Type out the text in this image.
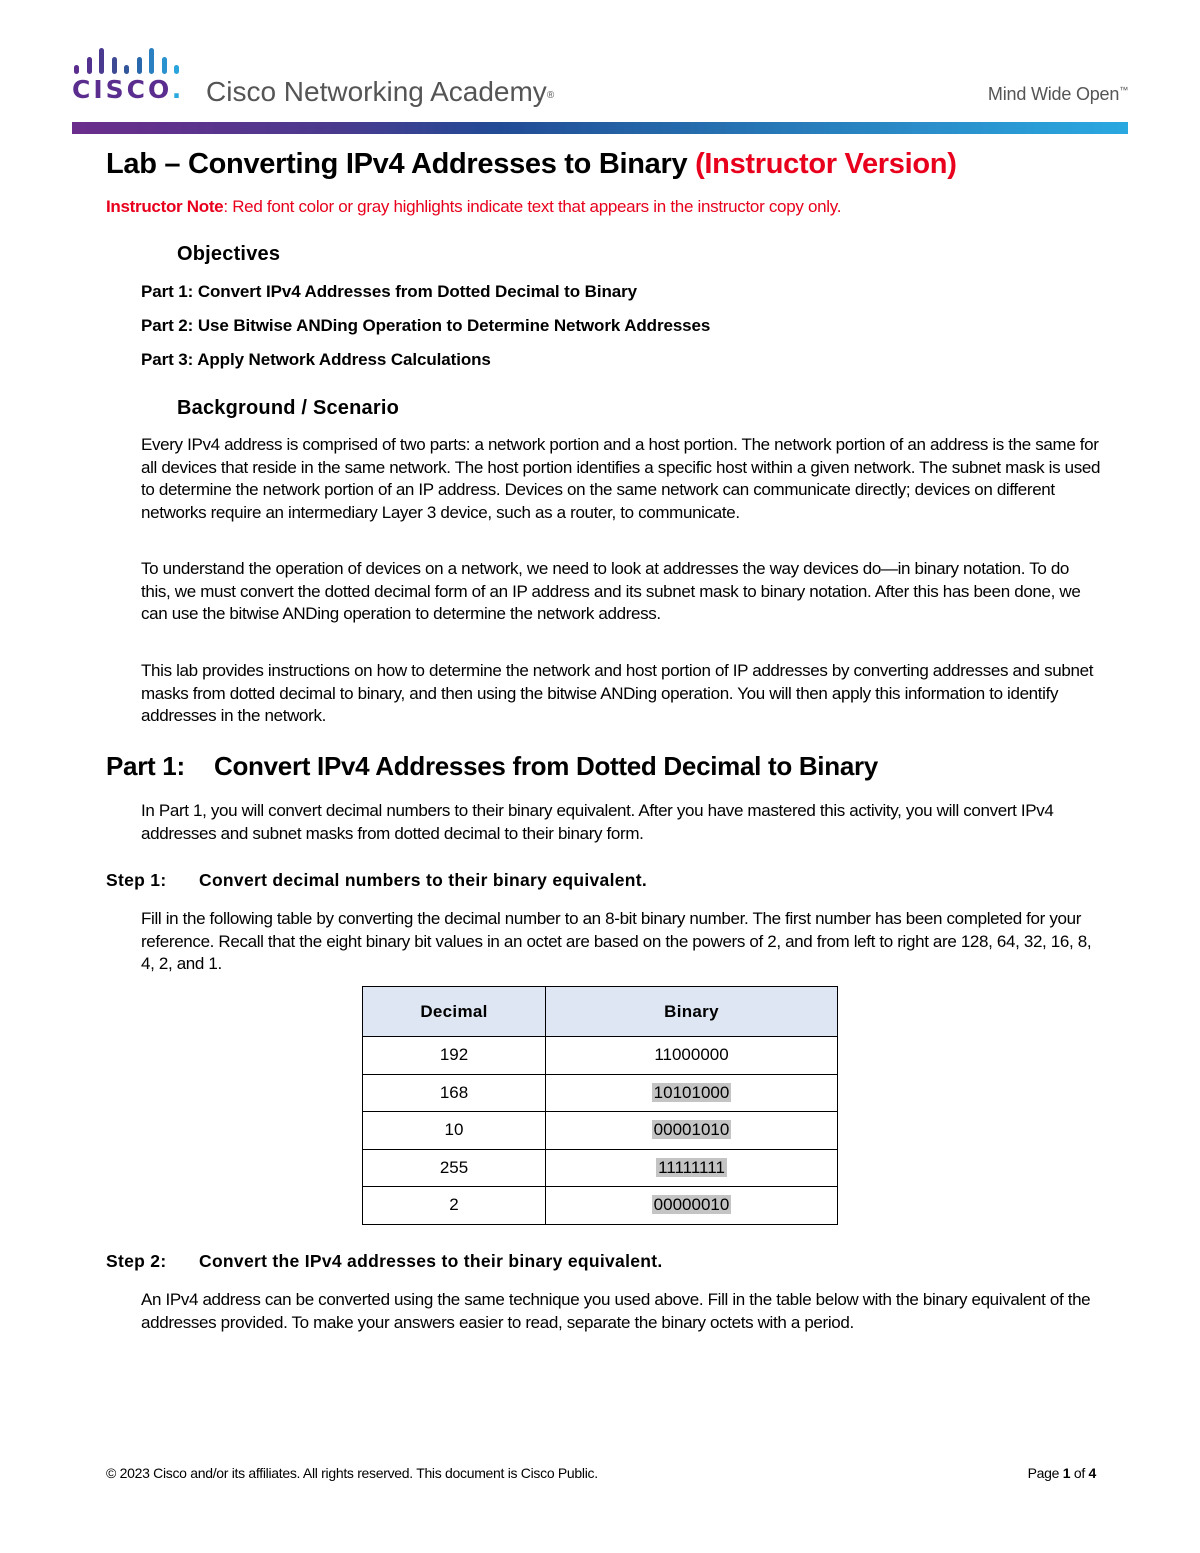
CISCO. Cisco Networking Academy®	Mind Wide Open™
Lab – Converting IPv4 Addresses to Binary (Instructor Version)
Instructor Note: Red font color or gray highlights indicate text that appears in the instructor copy only.
Objectives
Part 1: Convert IPv4 Addresses from Dotted Decimal to Binary
Part 2: Use Bitwise ANDing Operation to Determine Network Addresses
Part 3: Apply Network Address Calculations
Background / Scenario
Every IPv4 address is comprised of two parts: a network portion and a host portion. The network portion of an address is the same for all devices that reside in the same network. The host portion identifies a specific host within a given network. The subnet mask is used to determine the network portion of an IP address. Devices on the same network can communicate directly; devices on different networks require an intermediary Layer 3 device, such as a router, to communicate.
To understand the operation of devices on a network, we need to look at addresses the way devices do—in binary notation. To do this, we must convert the dotted decimal form of an IP address and its subnet mask to binary notation. After this has been done, we can use the bitwise ANDing operation to determine the network address.
This lab provides instructions on how to determine the network and host portion of IP addresses by converting addresses and subnet masks from dotted decimal to binary, and then using the bitwise ANDing operation. You will then apply this information to identify addresses in the network.
Part 1: Convert IPv4 Addresses from Dotted Decimal to Binary
In Part 1, you will convert decimal numbers to their binary equivalent. After you have mastered this activity, you will convert IPv4 addresses and subnet masks from dotted decimal to their binary form.
Step 1: Convert decimal numbers to their binary equivalent.
Fill in the following table by converting the decimal number to an 8-bit binary number. The first number has been completed for your reference. Recall that the eight binary bit values in an octet are based on the powers of 2, and from left to right are 128, 64, 32, 16, 8, 4, 2, and 1.
Decimal	Binary
192	11000000
168	10101000
10	00001010
255	11111111
2	00000010
Step 2: Convert the IPv4 addresses to their binary equivalent.
An IPv4 address can be converted using the same technique you used above. Fill in the table below with the binary equivalent of the addresses provided. To make your answers easier to read, separate the binary octets with a period.
© 2023 Cisco and/or its affiliates. All rights reserved. This document is Cisco Public.	Page 1 of 4
